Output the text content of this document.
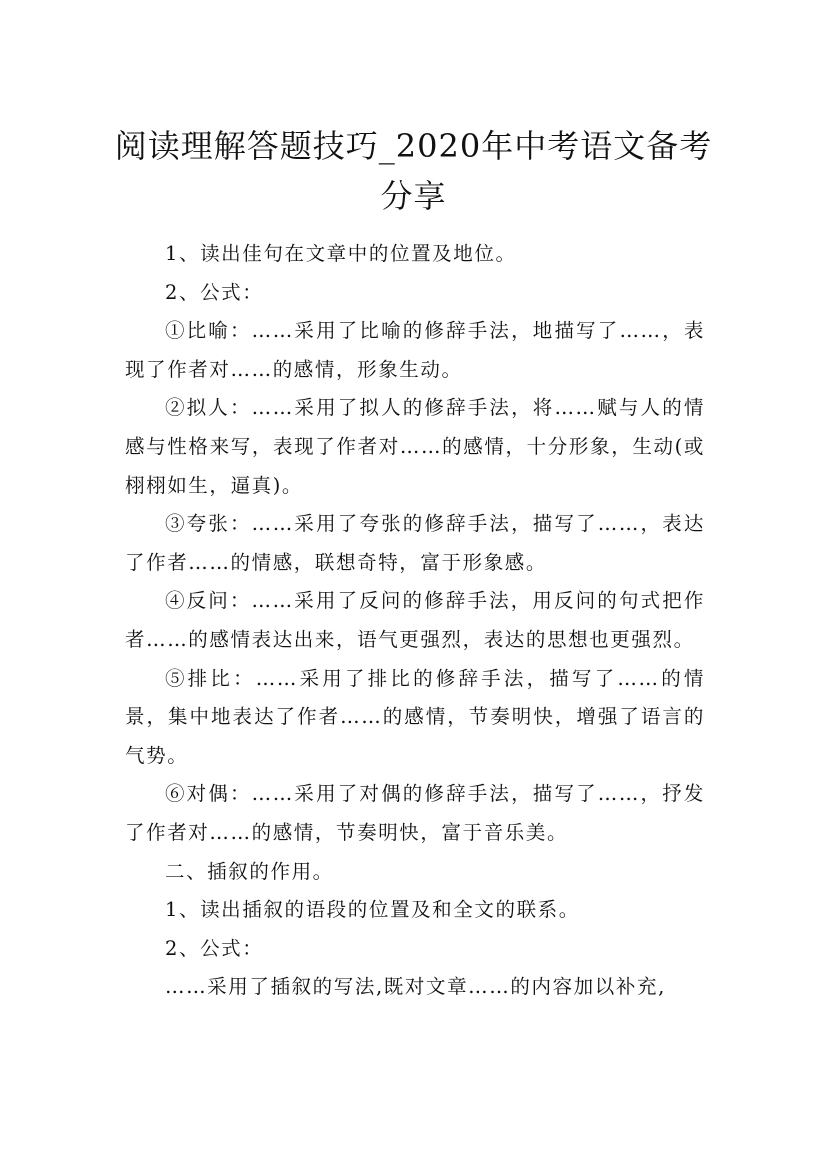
阅读理解答题技巧_2020年中考语文备考分享

1、读出佳句在文章中的位置及地位。

2、公式：

①比喻：……采用了比喻的修辞手法，地描写了……，表现了作者对……的感情，形象生动。

②拟人：……采用了拟人的修辞手法，将……赋与人的情感与性格来写，表现了作者对……的感情，十分形象，生动(或栩栩如生，逼真)。

③夸张：……采用了夸张的修辞手法，描写了……，表达了作者……的情感，联想奇特，富于形象感。

④反问：……采用了反问的修辞手法，用反问的句式把作者……的感情表达出来，语气更强烈，表达的思想也更强烈。

⑤排比：……采用了排比的修辞手法，描写了……的情景，集中地表达了作者……的感情，节奏明快，增强了语言的气势。

⑥对偶：……采用了对偶的修辞手法，描写了……，抒发了作者对……的感情，节奏明快，富于音乐美。

二、插叙的作用。

1、读出插叙的语段的位置及和全文的联系。

2、公式：

……采用了插叙的写法,既对文章……的内容加以补充,
